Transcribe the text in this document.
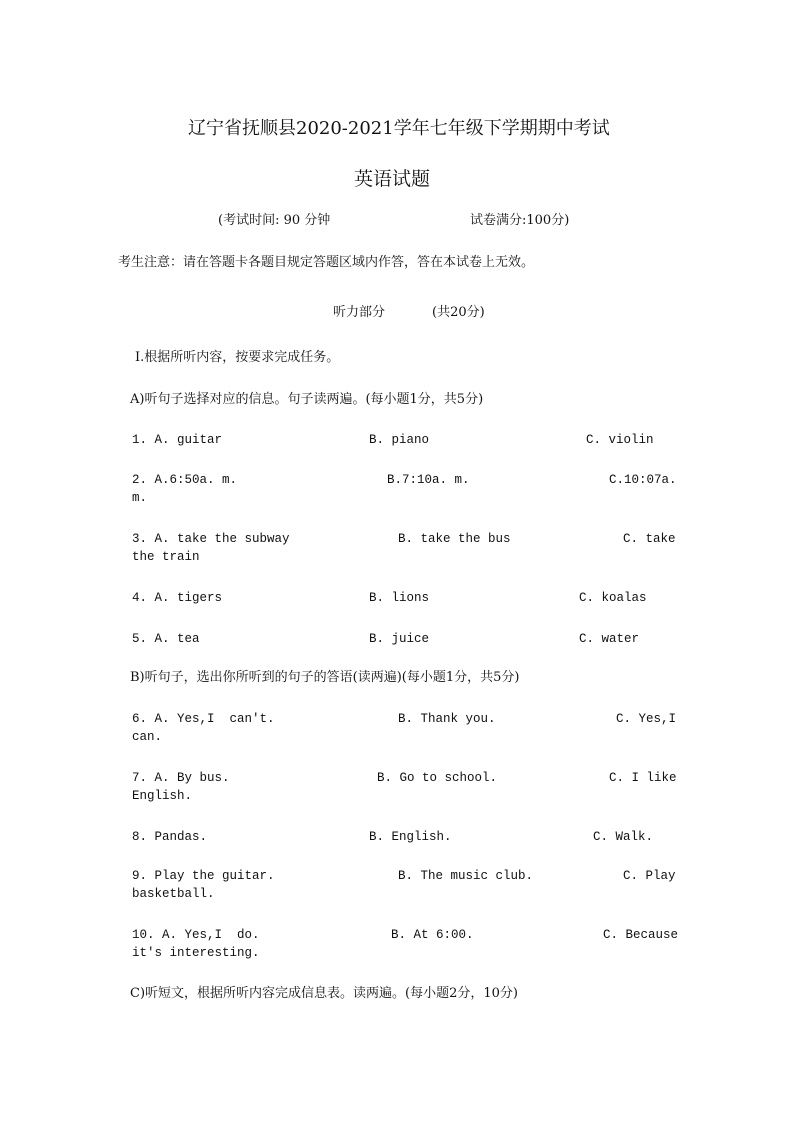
辽宁省抚顺县2020-2021学年七年级下学期期中考试
英语试题
(考试时间: 90 分钟	试卷满分:100分)
考生注意：请在答题卡各题目规定答题区域内作答，答在本试卷上无效。
听力部分	(共20分)
Ⅰ.根据所听内容，按要求完成任务。
A)听句子选择对应的信息。句子读两遍。(每小题1分，共5分)
1. A. guitar	B. piano	C. violin
2. A.6:50a. m.	B.7:10a. m.	C.10:07a.
m.
3. A. take the subway	B. take the bus	C. take
the train
4. A. tigers	B. lions	C. koalas
5. A. tea	B. juice	C. water
B)听句子，选出你所听到的句子的答语(读两遍)(每小题1分，共5分)
6. A. Yes,I  can't.	B. Thank you.	C. Yes,I
can.
7. A. By bus.	B. Go to school.	C. I like
English.
8. Pandas.	B. English.	C. Walk.
9. Play the guitar.	B. The music club.	C. Play
basketball.
10. A. Yes,I  do.	B. At 6:00.	C. Because
it's interesting.
C)听短文，根据所听内容完成信息表。读两遍。(每小题2分，10分)
